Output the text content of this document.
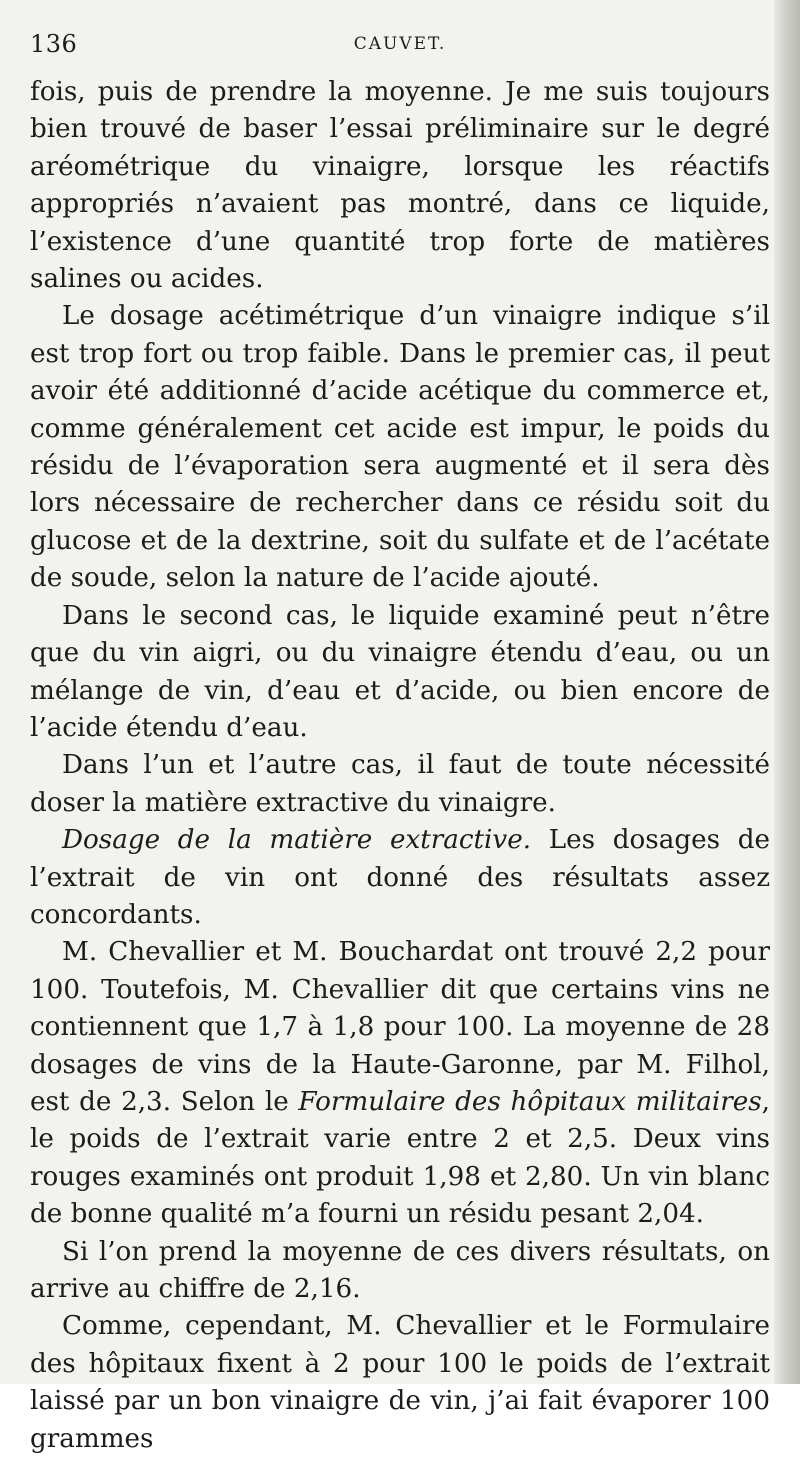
136	CAUVET.

fois, puis de prendre la moyenne. Je me suis toujours bien trouvé de baser l’essai préliminaire sur le degré aréométrique du vinaigre, lorsque les réactifs appropriés n’avaient pas montré, dans ce liquide, l’existence d’une quantité trop forte de matières salines ou acides.

Le dosage acétimétrique d’un vinaigre indique s’il est trop fort ou trop faible. Dans le premier cas, il peut avoir été additionné d’acide acétique du commerce et, comme généralement cet acide est impur, le poids du résidu de l’évaporation sera augmenté et il sera dès lors nécessaire de rechercher dans ce résidu soit du glucose et de la dextrine, soit du sulfate et de l’acétate de soude, selon la nature de l’acide ajouté.

Dans le second cas, le liquide examiné peut n’être que du vin aigri, ou du vinaigre étendu d’eau, ou un mélange de vin, d’eau et d’acide, ou bien encore de l’acide étendu d’eau.

Dans l’un et l’autre cas, il faut de toute nécessité doser la matière extractive du vinaigre.

Dosage de la matière extractive. Les dosages de l’extrait de vin ont donné des résultats assez concordants.

M. Chevallier et M. Bouchardat ont trouvé 2,2 pour 100. Toutefois, M. Chevallier dit que certains vins ne contiennent que 1,7 à 1,8 pour 100. La moyenne de 28 dosages de vins de la Haute-Garonne, par M. Filhol, est de 2,3. Selon le Formulaire des hôpitaux militaires, le poids de l’extrait varie entre 2 et 2,5. Deux vins rouges examinés ont produit 1,98 et 2,80. Un vin blanc de bonne qualité m’a fourni un résidu pesant 2,04.

Si l’on prend la moyenne de ces divers résultats, on arrive au chiffre de 2,16.

Comme, cependant, M. Chevallier et le Formulaire des hôpitaux fixent à 2 pour 100 le poids de l’extrait laissé par un bon vinaigre de vin, j’ai fait évaporer 100 grammes
